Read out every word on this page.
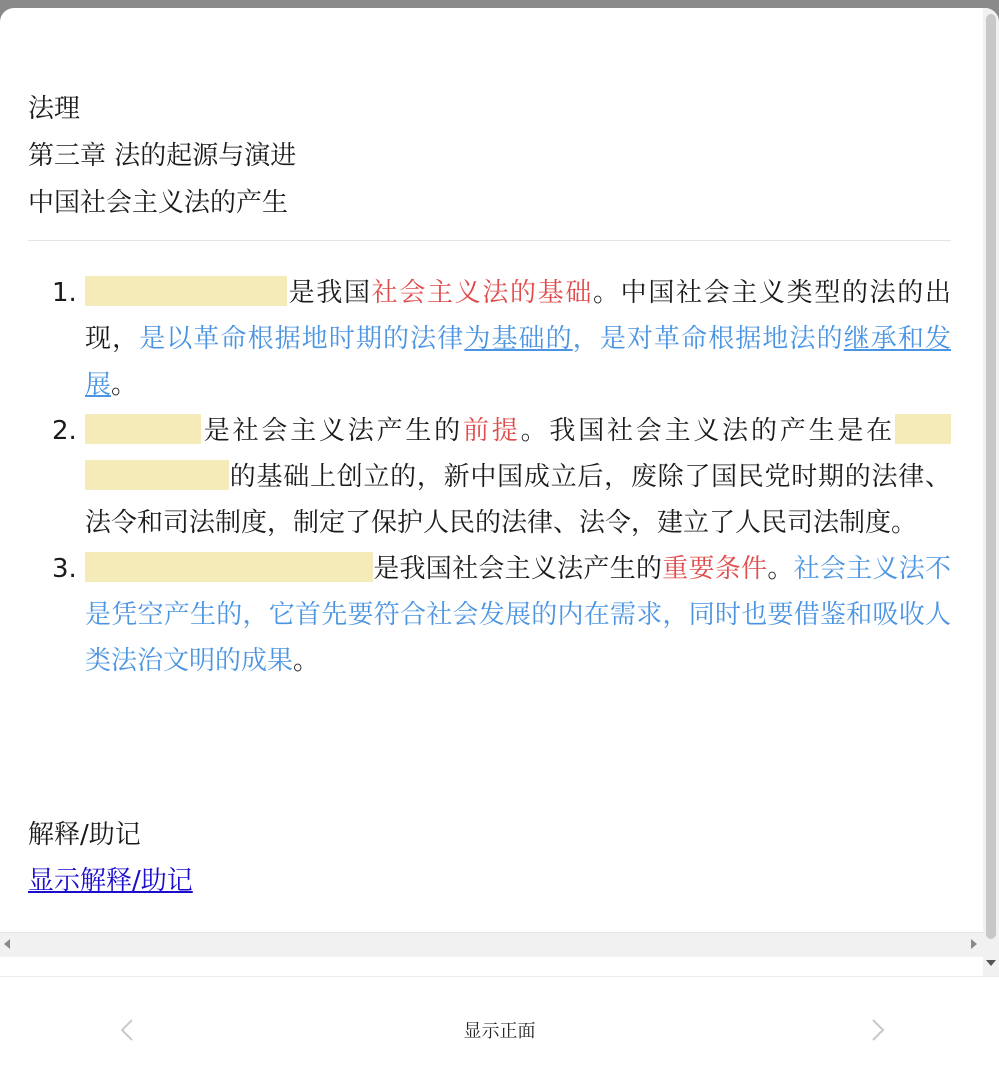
法理
第三章 法的起源与演进
中国社会主义法的产生
1.	是我国社会主义法的基础。中国社会主义类型的法的出现，是以革命根据地时期的法律为基础的，是对革命根据地法的继承和发展。
2.	是社会主义法产生的前提。我国社会主义法的产生是在的基础上创立的，新中国成立后，废除了国民党时期的法律、法令和司法制度，制定了保护人民的法律、法令，建立了人民司法制度。
3.	是我国社会主义法产生的重要条件。社会主义法不是凭空产生的，它首先要符合社会发展的内在需求，同时也要借鉴和吸收人类法治文明的成果。
解释/助记
显示解释/助记
显示正面
